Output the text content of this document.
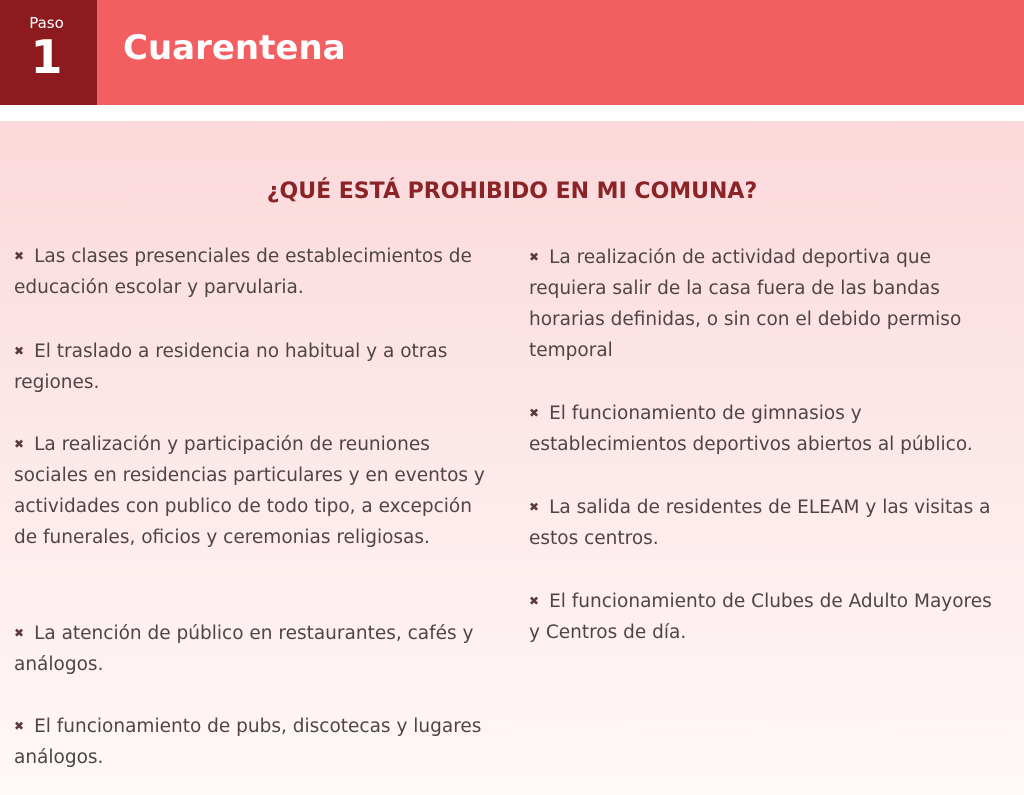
Paso
1	Cuarentena
¿QUÉ ESTÁ PROHIBIDO EN MI COMUNA?
✖ Las clases presenciales de establecimientos de educación escolar y parvularia.
✖ El traslado a residencia no habitual y a otras regiones.
✖ La realización y participación de reuniones sociales en residencias particulares y en eventos y actividades con publico de todo tipo, a excepción de funerales, oficios y ceremonias religiosas.
✖ La atención de público en restaurantes, cafés y análogos.
✖ El funcionamiento de pubs, discotecas y lugares análogos.
✖ La realización de actividad deportiva que requiera salir de la casa fuera de las bandas horarias definidas, o sin con el debido permiso temporal
✖ El funcionamiento de gimnasios y establecimientos deportivos abiertos al público.
✖ La salida de residentes de ELEAM y las visitas a estos centros.
✖ El funcionamiento de Clubes de Adulto Mayores y Centros de día.
